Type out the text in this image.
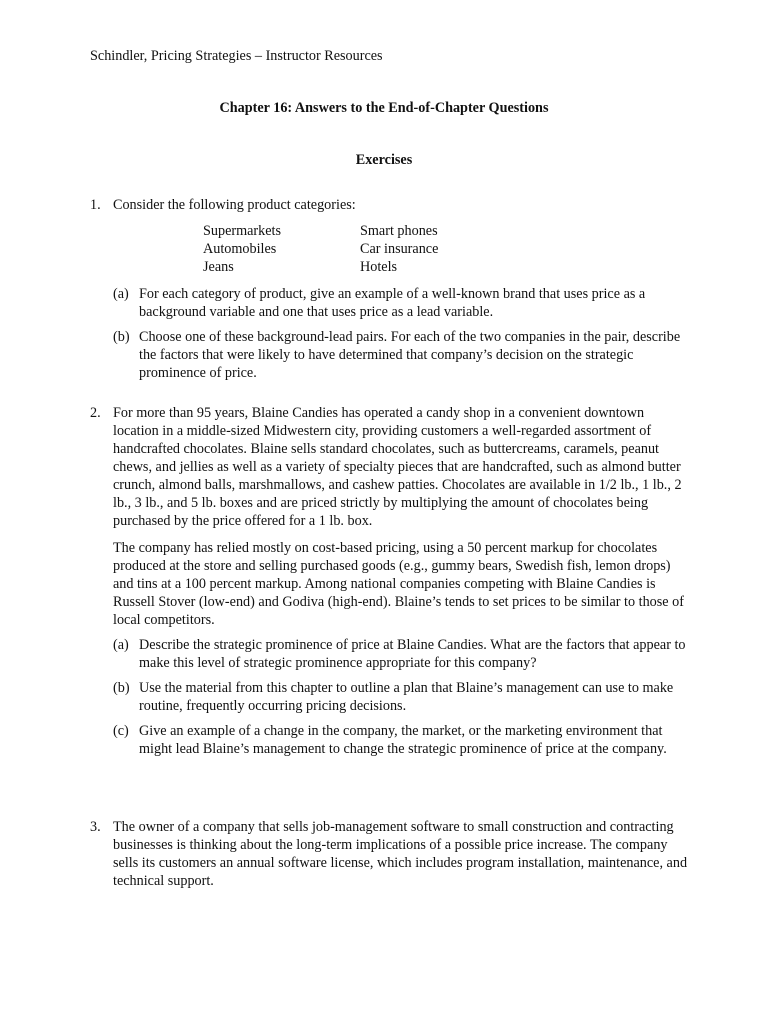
Schindler, Pricing Strategies – Instructor Resources
Chapter 16: Answers to the End-of-Chapter Questions
Exercises
1. Consider the following product categories:

Supermarkets	Smart phones
Automobiles	Car insurance
Jeans	Hotels
(a) For each category of product, give an example of a well-known brand that uses price as a background variable and one that uses price as a lead variable.
(b) Choose one of these background-lead pairs. For each of the two companies in the pair, describe the factors that were likely to have determined that company’s decision on the strategic prominence of price.
2. For more than 95 years, Blaine Candies has operated a candy shop in a convenient downtown location in a middle-sized Midwestern city, providing customers a well-regarded assortment of handcrafted chocolates. Blaine sells standard chocolates, such as buttercreams, caramels, peanut chews, and jellies as well as a variety of specialty pieces that are handcrafted, such as almond butter crunch, almond balls, marshmallows, and cashew patties. Chocolates are available in 1/2 lb., 1 lb., 2 lb., 3 lb., and 5 lb. boxes and are priced strictly by multiplying the amount of chocolates being purchased by the price offered for a 1 lb. box.

The company has relied mostly on cost-based pricing, using a 50 percent markup for chocolates produced at the store and selling purchased goods (e.g., gummy bears, Swedish fish, lemon drops) and tins at a 100 percent markup. Among national companies competing with Blaine Candies is Russell Stover (low-end) and Godiva (high-end). Blaine’s tends to set prices to be similar to those of local competitors.

(a) Describe the strategic prominence of price at Blaine Candies. What are the factors that appear to make this level of strategic prominence appropriate for this company?
(b) Use the material from this chapter to outline a plan that Blaine’s management can use to make routine, frequently occurring pricing decisions.
(c) Give an example of a change in the company, the market, or the marketing environment that might lead Blaine’s management to change the strategic prominence of price at the company.
3. The owner of a company that sells job-management software to small construction and contracting businesses is thinking about the long-term implications of a possible price increase. The company sells its customers an annual software license, which includes program installation, maintenance, and technical support.
